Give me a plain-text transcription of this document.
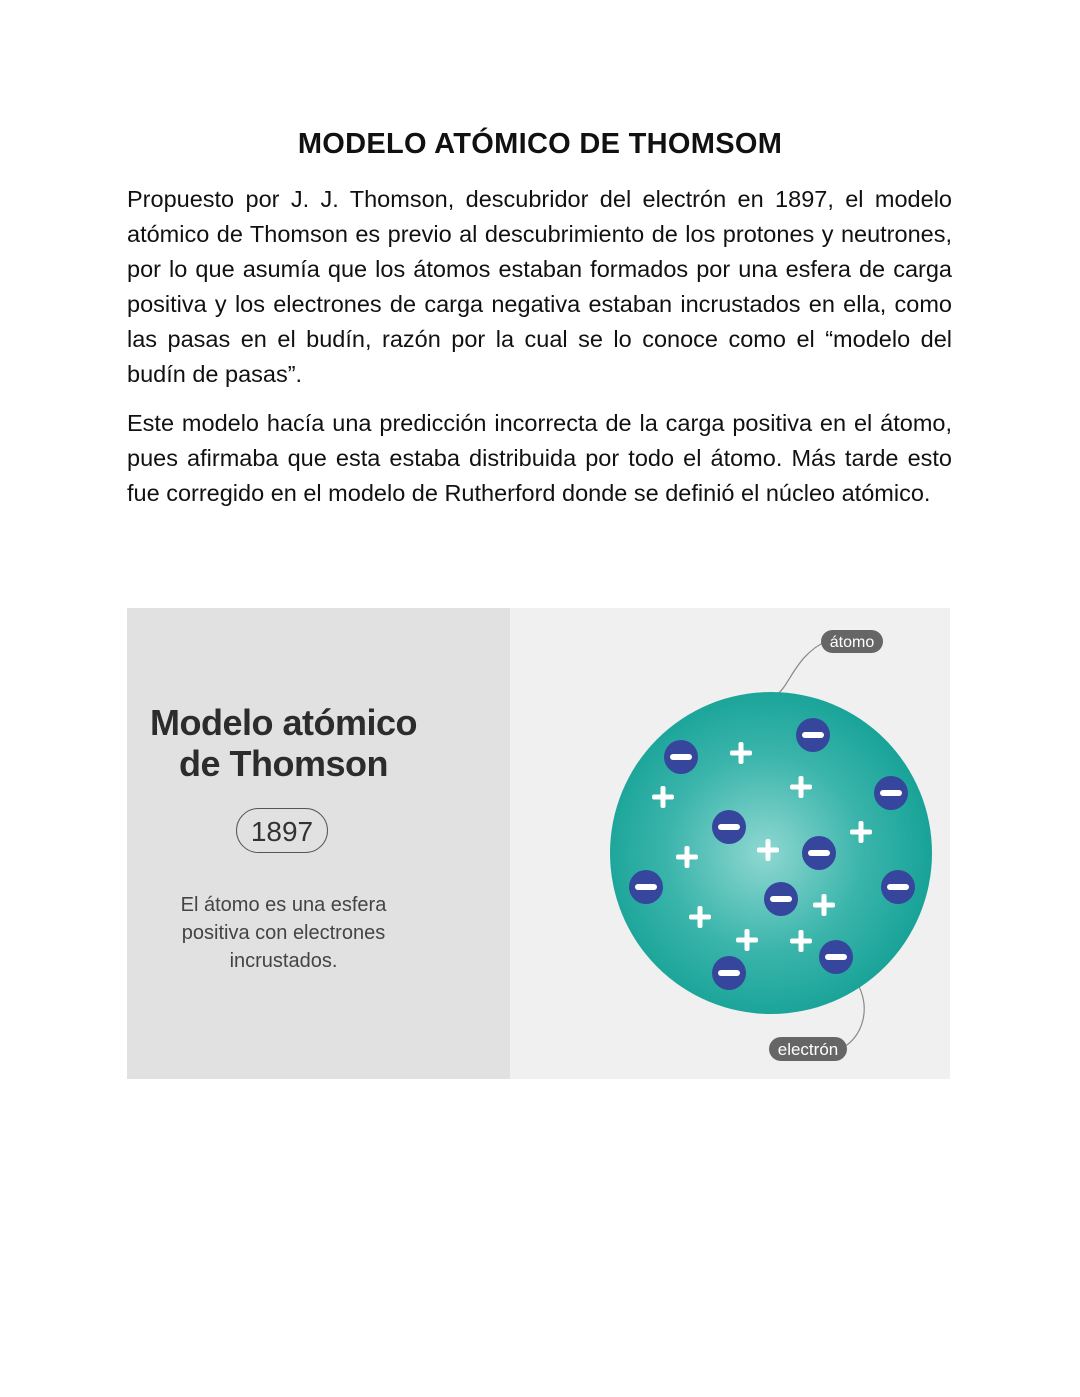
MODELO ATÓMICO DE THOMSOM

Propuesto por J. J. Thomson, descubridor del electrón en 1897, el modelo atómico de Thomson es previo al descubrimiento de los protones y neutrones, por lo que asumía que los átomos estaban formados por una esfera de carga positiva y los electrones de carga negativa estaban incrustados en ella, como las pasas en el budín, razón por la cual se lo conoce como el “modelo del budín de pasas”.

Este modelo hacía una predicción incorrecta de la carga positiva en el átomo, pues afirmaba que esta estaba distribuida por todo el átomo. Más tarde esto fue corregido en el modelo de Rutherford donde se definió el núcleo atómico.

Modelo atómico
de Thomson
1897
El átomo es una esfera
positiva con electrones
incrustados.
átomo
electrón
